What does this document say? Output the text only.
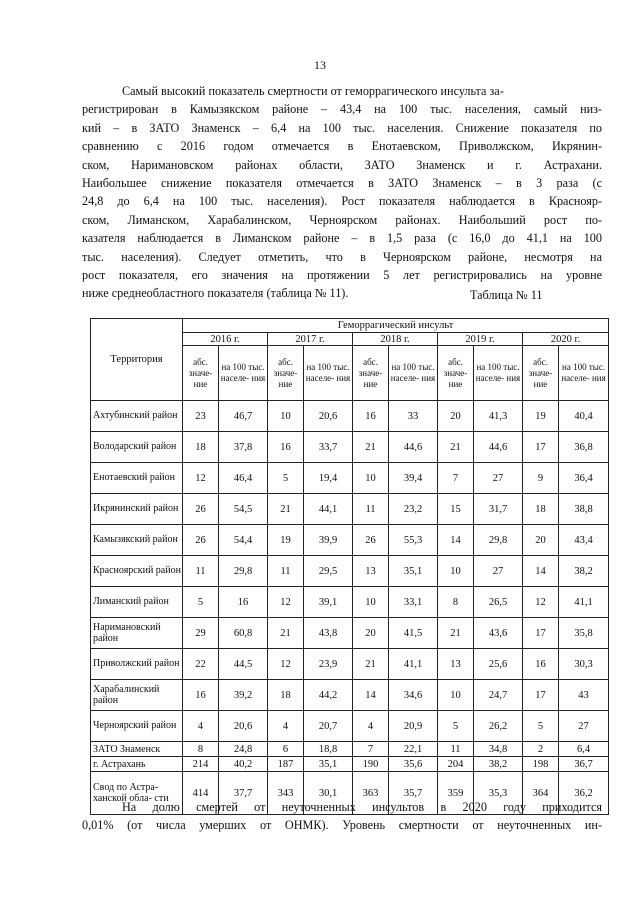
13
Самый высокий показатель смертности от геморрагического инсульта за-
регистрирован в Камызякском районе – 43,4 на 100 тыс. населения, самый низ-
кий – в ЗАТО Знаменск – 6,4 на 100 тыс. населения. Снижение показателя по
сравнению с 2016 годом отмечается в Енотаевском, Приволжском, Икрянин-
ском, Наримановском районах области, ЗАТО Знаменск и г. Астрахани.
Наибольшее снижение показателя отмечается в ЗАТО Знаменск – в 3 раза (с
24,8 до 6,4 на 100 тыс. населения). Рост показателя наблюдается в Краснояр-
ском, Лиманском, Харабалинском, Черноярском районах. Наибольший рост по-
казателя наблюдается в Лиманском районе – в 1,5 раза (с 16,0 до 41,1 на 100
тыс. населения). Следует отметить, что в Черноярском районе, несмотря на
рост показателя, его значения на протяжении 5 лет регистрировались на уровне
ниже среднеобластного показателя (таблица № 11).	Таблица № 11
Территория	Геморрагический инсульт									
	2016 г.		2017 г.		2018 г.		2019 г.		2020 г.	
	абс. значе- ние	на 100 тыс. населе- ния	абс. значе- ние	на 100 тыс. населе- ния	абс. значе- ние	на 100 тыс. населе- ния	абс. значе- ние	на 100 тыс. населе- ния	абс. значе- ние	на 100 тыс. населе- ния
Ахтубинский район	23	46,7	10	20,6	16	33	20	41,3	19	40,4
Володарский район	18	37,8	16	33,7	21	44,6	21	44,6	17	36,8
Енотаевский район	12	46,4	5	19,4	10	39,4	7	27	9	36,4
Икрянинский район	26	54,5	21	44,1	11	23,2	15	31,7	18	38,8
Камызякский район	26	54,4	19	39,9	26	55,3	14	29,8	20	43,4
Красноярский район	11	29,8	11	29,5	13	35,1	10	27	14	38,2
Лиманский район	5	16	12	39,1	10	33,1	8	26,5	12	41,1
Наримановский район	29	60,8	21	43,8	20	41,5	21	43,6	17	35,8
Приволжский район	22	44,5	12	23,9	21	41,1	13	25,6	16	30,3
Харабалинский район	16	39,2	18	44,2	14	34,6	10	24,7	17	43
Черноярский район	4	20,6	4	20,7	4	20,9	5	26,2	5	27
ЗАТО Знаменск	8	24,8	6	18,8	7	22,1	11	34,8	2	6,4
г. Астрахань	214	40,2	187	35,1	190	35,6	204	38,2	198	36,7
Свод по Астра- ханской обла- сти	414	37,7	343	30,1	363	35,7	359	35,3	364	36,2
На долю смертей от неуточненных инсультов в 2020 году приходится
0,01% (от числа умерших от ОНМК). Уровень смертности от неуточненных ин-
